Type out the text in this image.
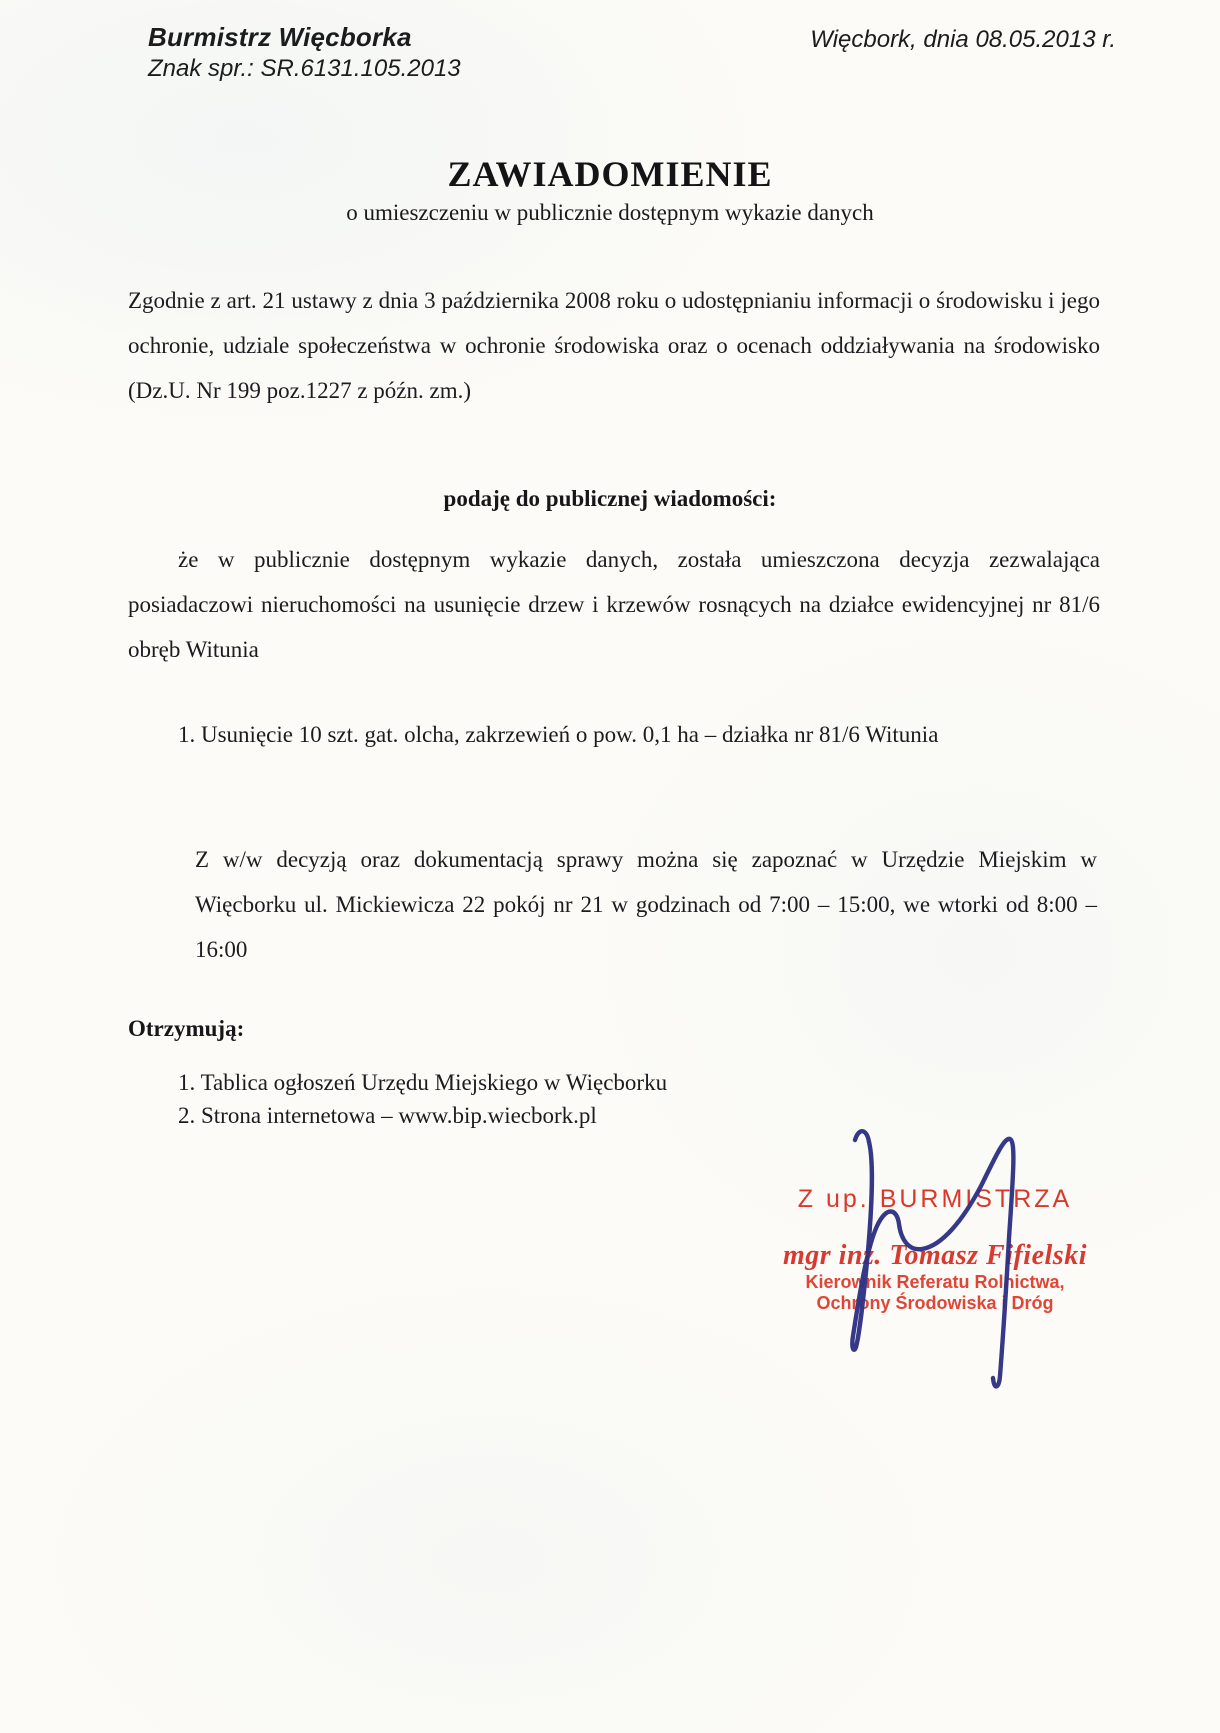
Burmistrz Więcborka
Znak spr.: SR.6131.105.2013
Więcbork, dnia 08.05.2013 r.
ZAWIADOMIENIE
o umieszczeniu w publicznie dostępnym wykazie danych
Zgodnie z art. 21 ustawy z dnia 3 października 2008 roku o udostępnianiu informacji o środowisku i jego ochronie, udziale społeczeństwa w ochronie środowiska oraz o ocenach oddziaływania na środowisko (Dz.U. Nr 199 poz.1227 z późn. zm.)
podaję do publicznej wiadomości:
że w publicznie dostępnym wykazie danych, została umieszczona decyzja zezwalająca posiadaczowi nieruchomości na usunięcie drzew i krzewów rosnących na działce ewidencyjnej nr 81/6 obręb Witunia
1. Usunięcie 10 szt. gat. olcha, zakrzewień o pow. 0,1 ha – działka nr 81/6 Witunia
Z w/w decyzją oraz dokumentacją sprawy można się zapoznać w Urzędzie Miejskim w Więcborku ul. Mickiewicza 22 pokój nr 21 w godzinach od 7:00 – 15:00, we wtorki od 8:00 – 16:00
Otrzymują:
1. Tablica ogłoszeń Urzędu Miejskiego w Więcborku
2. Strona internetowa – www.bip.wiecbork.pl
Z up. BURMISTRZA
mgr inż. Tomasz Fifielski
Kierownik Referatu Rolnictwa,
Ochrony Środowiska i Dróg
